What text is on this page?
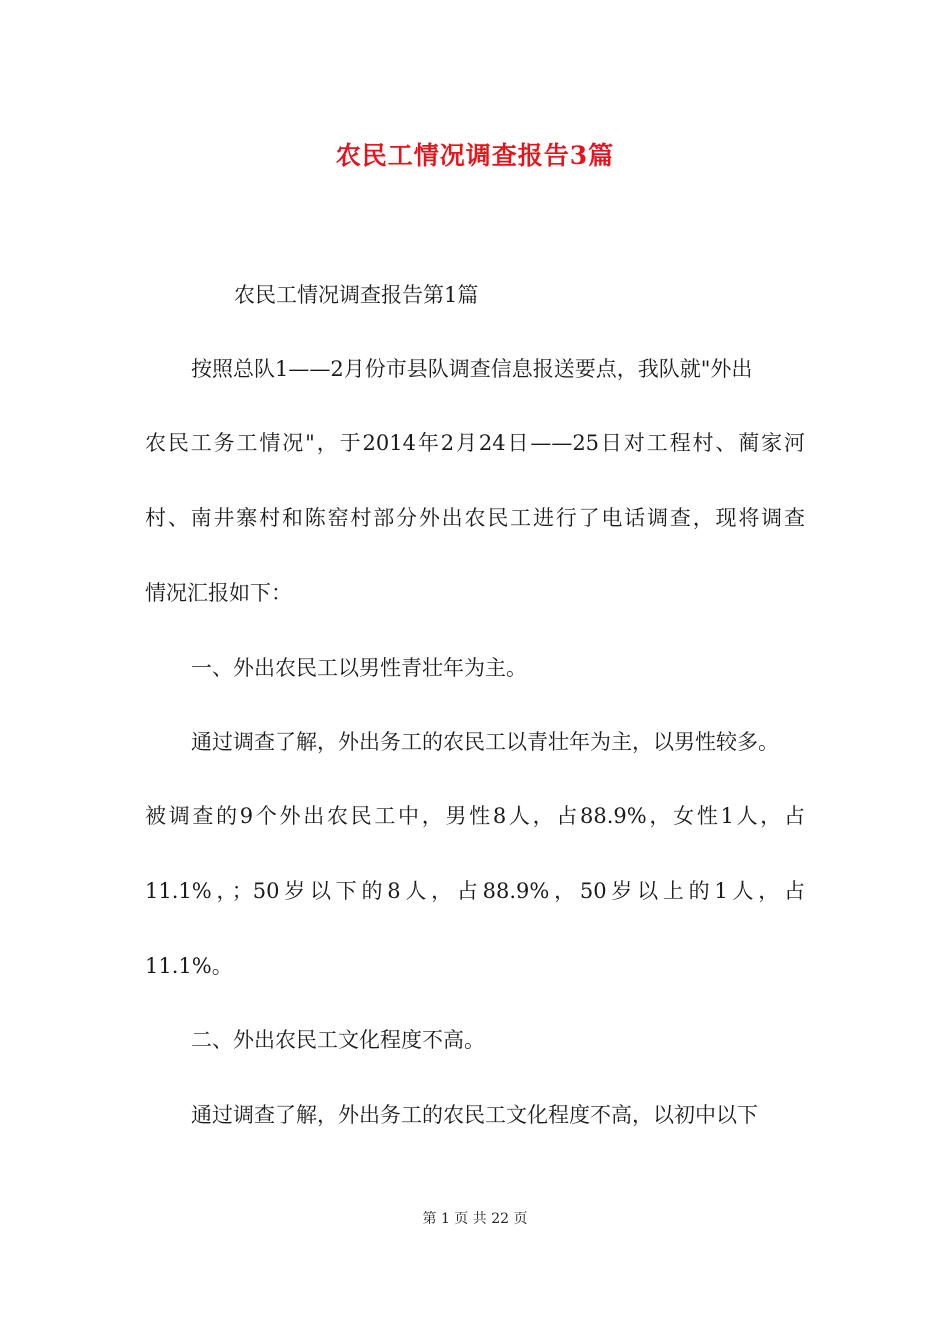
农民工情况调查报告3篇
农民工情况调查报告第1篇
按照总队1——2月份市县队调查信息报送要点，我队就"外出
农民工务工情况"，于2014年2月24日——25日对工程村、蔺家河
村、南井寨村和陈窑村部分外出农民工进行了电话调查，现将调查
情况汇报如下：
一、外出农民工以男性青壮年为主。
通过调查了解，外出务工的农民工以青壮年为主，以男性较多。
被调查的9个外出农民工中，男性8人，占88.9%，女性1人，占
11.1%，；50岁以下的8人，占88.9%，50岁以上的1人，占
11.1%。
二、外出农民工文化程度不高。
通过调查了解，外出务工的农民工文化程度不高，以初中以下
第 1 页 共 22 页
